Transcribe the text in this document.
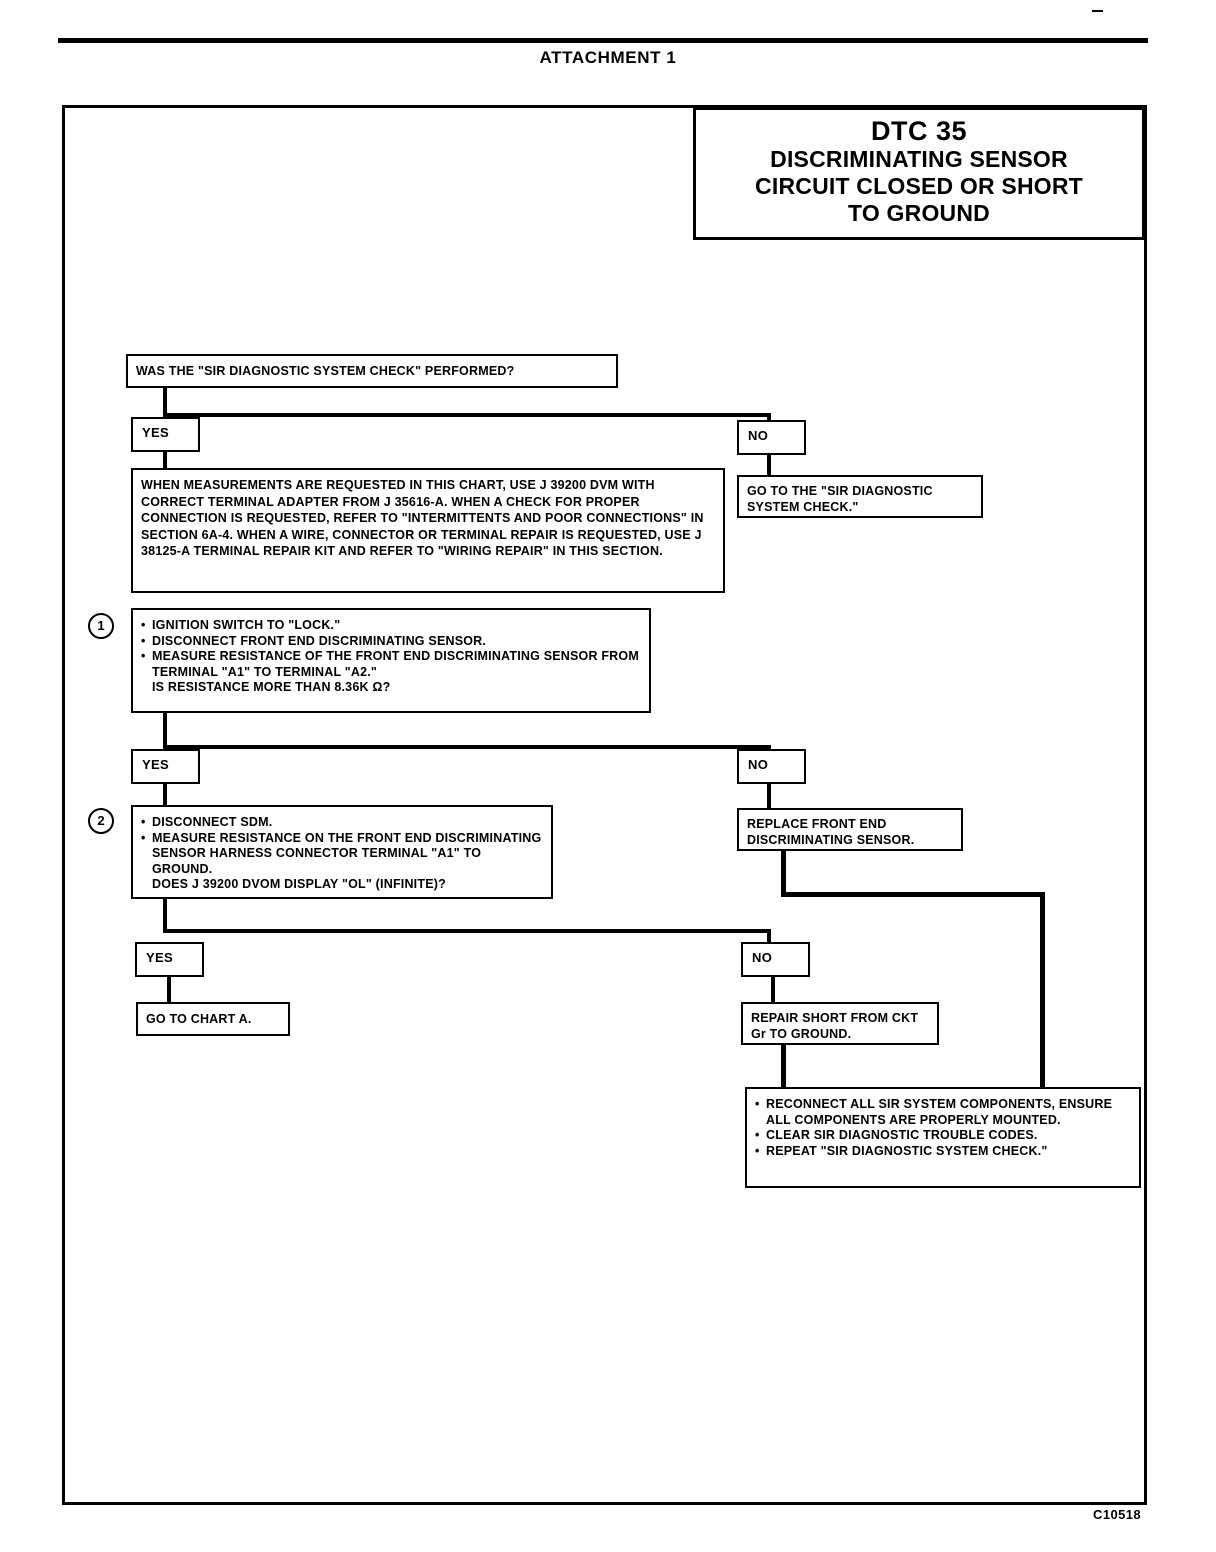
ATTACHMENT 1
DTC 35
DISCRIMINATING SENSOR
CIRCUIT CLOSED OR SHORT
TO GROUND
WAS THE "SIR DIAGNOSTIC SYSTEM CHECK" PERFORMED?
YES	NO
WHEN MEASUREMENTS ARE REQUESTED IN THIS CHART, USE J 39200 DVM WITH CORRECT TERMINAL ADAPTER FROM J 35616-A. WHEN A CHECK FOR PROPER CONNECTION IS REQUESTED, REFER TO "INTERMITTENTS AND POOR CONNECTIONS" IN SECTION 6A-4. WHEN A WIRE, CONNECTOR OR TERMINAL REPAIR IS REQUESTED, USE J 38125-A TERMINAL REPAIR KIT AND REFER TO "WIRING REPAIR" IN THIS SECTION.
GO TO THE "SIR DIAGNOSTIC SYSTEM CHECK."
1	• IGNITION SWITCH TO "LOCK."
• DISCONNECT FRONT END DISCRIMINATING SENSOR.
• MEASURE RESISTANCE OF THE FRONT END DISCRIMINATING SENSOR FROM TERMINAL "A1" TO TERMINAL "A2."
IS RESISTANCE MORE THAN 8.36K Ω?
YES	NO
2	• DISCONNECT SDM.
• MEASURE RESISTANCE ON THE FRONT END DISCRIMINATING SENSOR HARNESS CONNECTOR TERMINAL "A1" TO GROUND.
DOES J 39200 DVOM DISPLAY "OL" (INFINITE)?
REPLACE FRONT END DISCRIMINATING SENSOR.
YES	NO
GO TO CHART A.	REPAIR SHORT FROM CKT Gr TO GROUND.
• RECONNECT ALL SIR SYSTEM COMPONENTS, ENSURE ALL COMPONENTS ARE PROPERLY MOUNTED.
• CLEAR SIR DIAGNOSTIC TROUBLE CODES.
• REPEAT "SIR DIAGNOSTIC SYSTEM CHECK."
C10518
